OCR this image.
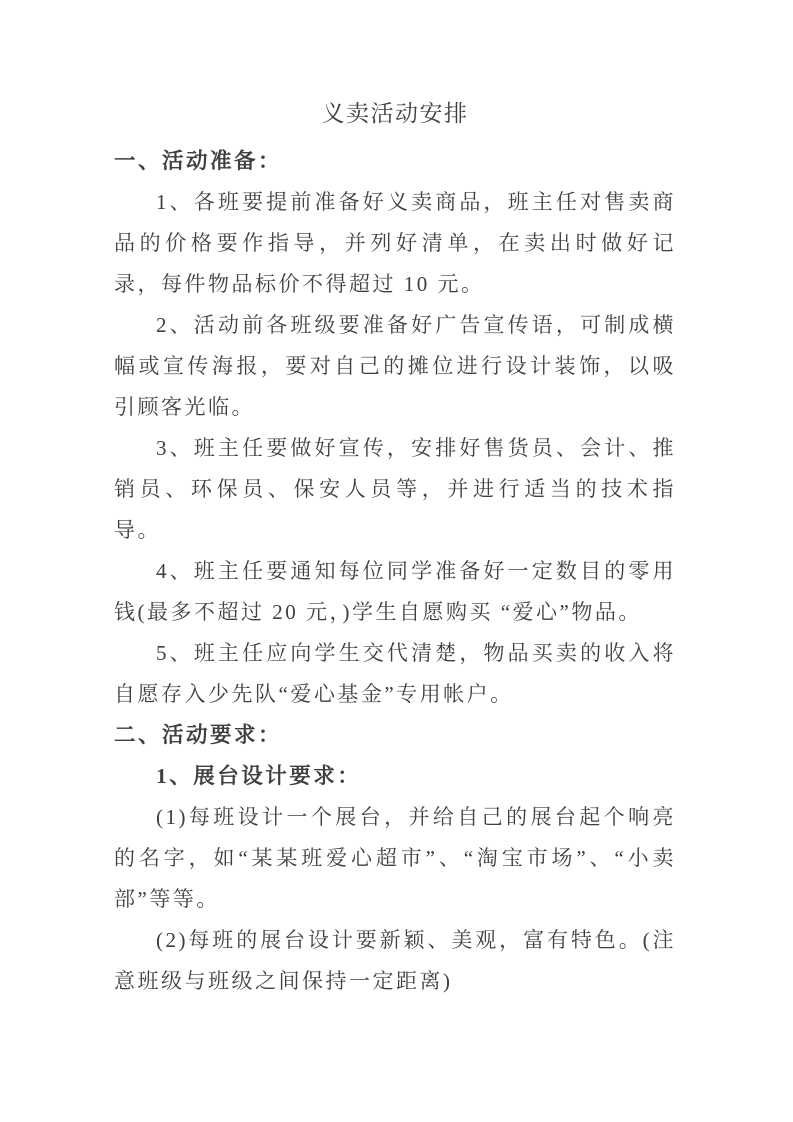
义卖活动安排
一、活动准备：

1、各班要提前准备好义卖商品，班主任对售卖商品的价格要作指导，并列好清单，在卖出时做好记录，每件物品标价不得超过 10 元。

2、活动前各班级要准备好广告宣传语，可制成横幅或宣传海报，要对自己的摊位进行设计装饰，以吸引顾客光临。

3、班主任要做好宣传，安排好售货员、会计、推销员、环保员、保安人员等，并进行适当的技术指导。

4、班主任要通知每位同学准备好一定数目的零用钱(最多不超过 20 元，)学生自愿购买 “爱心”物品。

5、班主任应向学生交代清楚，物品买卖的收入将自愿存入少先队“爱心基金”专用帐户。

二、活动要求：
1、展台设计要求：

(1)每班设计一个展台，并给自己的展台起个响亮的名字，如“某某班爱心超市”、“淘宝市场”、“小卖部”等等。

(2)每班的展台设计要新颖、美观，富有特色。(注意班级与班级之间保持一定距离)
